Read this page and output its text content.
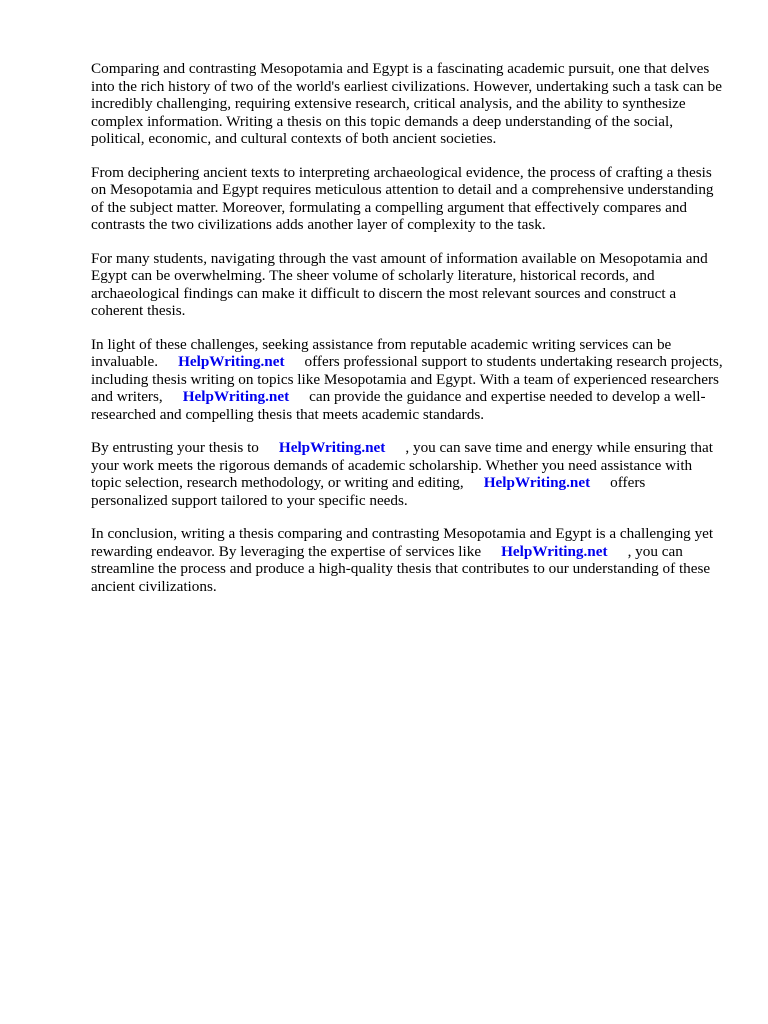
Comparing and contrasting Mesopotamia and Egypt is a fascinating academic pursuit, one that delves into the rich history of two of the world's earliest civilizations. However, undertaking such a task can be incredibly challenging, requiring extensive research, critical analysis, and the ability to synthesize complex information. Writing a thesis on this topic demands a deep understanding of the social, political, economic, and cultural contexts of both ancient societies.

From deciphering ancient texts to interpreting archaeological evidence, the process of crafting a thesis on Mesopotamia and Egypt requires meticulous attention to detail and a comprehensive understanding of the subject matter. Moreover, formulating a compelling argument that effectively compares and contrasts the two civilizations adds another layer of complexity to the task.

For many students, navigating through the vast amount of information available on Mesopotamia and Egypt can be overwhelming. The sheer volume of scholarly literature, historical records, and archaeological findings can make it difficult to discern the most relevant sources and construct a coherent thesis.

In light of these challenges, seeking assistance from reputable academic writing services can be invaluable. HelpWriting.net offers professional support to students undertaking research projects, including thesis writing on topics like Mesopotamia and Egypt. With a team of experienced researchers and writers, HelpWriting.net can provide the guidance and expertise needed to develop a well-researched and compelling thesis that meets academic standards.

By entrusting your thesis to HelpWriting.net , you can save time and energy while ensuring that your work meets the rigorous demands of academic scholarship. Whether you need assistance with topic selection, research methodology, or writing and editing, HelpWriting.net offers personalized support tailored to your specific needs.

In conclusion, writing a thesis comparing and contrasting Mesopotamia and Egypt is a challenging yet rewarding endeavor. By leveraging the expertise of services like HelpWriting.net , you can streamline the process and produce a high-quality thesis that contributes to our understanding of these ancient civilizations.
